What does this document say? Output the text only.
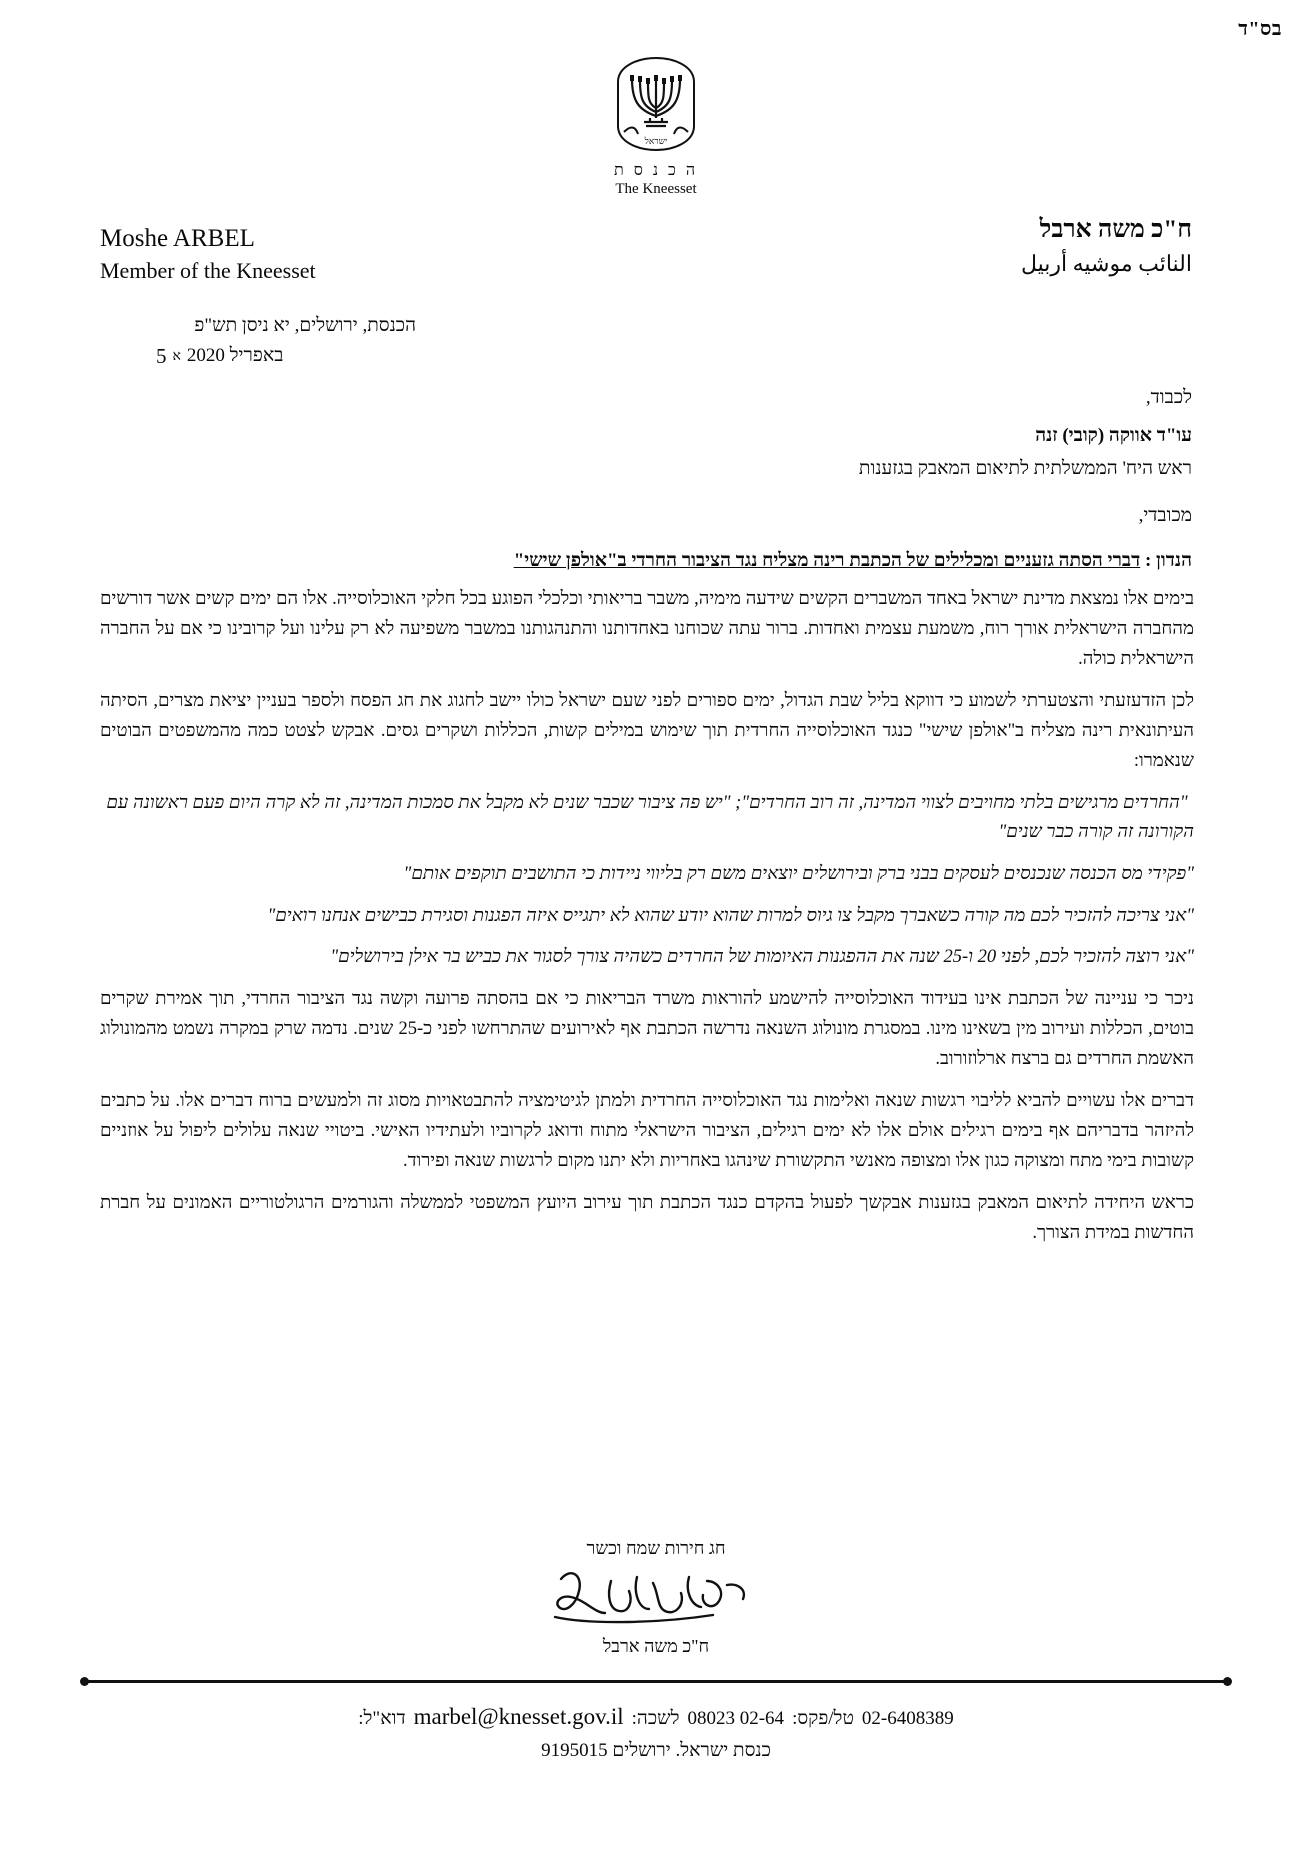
בס"ד
ישראל
ה כ נ ס ת
The Kneesset
Moshe ARBEL
Member of the Kneesset
ח"כ משה ארבל
النائب موشيه أربيل
הכנסת, ירושלים, יא ניסן תש"פ
באפריל 2020
א
5
לכבוד,
עו"ד אווקה (קובי) זנה
ראש היח' הממשלתית לתיאום המאבק בגזענות
מכובדי,
הנדון : דברי הסתה גזעניים ומכלילים של הכתבת רינה מצליח נגד הציבור החרדי ב"אולפן שישי"

בימים אלו נמצאת מדינת ישראל באחד המשברים הקשים שידעה מימיה, משבר בריאותי וכלכלי הפוגע בכל חלקי האוכלוסייה. אלו הם ימים קשים אשר דורשים מהחברה הישראלית אורך רוח, משמעת עצמית ואחדות. ברור עתה שכוחנו באחדותנו והתנהגותנו במשבר משפיעה לא רק עלינו ועל קרובינו כי אם על החברה הישראלית כולה.

לכן הזדעזעתי והצטערתי לשמוע כי דווקא בליל שבת הגדול, ימים ספורים לפני שעם ישראל כולו יישב לחגוג את חג הפסח ולספר בעניין יציאת מצרים, הסיתה העיתונאית רינה מצליח ב"אולפן שישי" כנגד האוכלוסייה החרדית תוך שימוש במילים קשות, הכללות ושקרים גסים. אבקש לצטט כמה מהמשפטים הבוטים שנאמרו:

"החרדים מרגישים בלתי מחויבים לצווי המדינה, זה רוב החרדים"; "יש פה ציבור שכבר שנים לא מקבל את סמכות המדינה, זה לא קרה היום פעם ראשונה עם הקורונה זה קורה כבר שנים"

"פקידי מס הכנסה שנכנסים לעסקים בבני ברק ובירושלים יוצאים משם רק בליווי ניידות כי התושבים תוקפים אותם"

"אני צריכה להזכיר לכם מה קורה כשאברך מקבל צו גיוס למרות שהוא יודע שהוא לא יתגייס איזה הפגנות וסגירת כבישים אנחנו רואים"

"אני רוצה להזכיר לכם, לפני 20 ו-25 שנה את ההפגנות האיומות של החרדים כשהיה צורך לסגור את כביש בר אילן בירושלים"

ניכר כי עניינה של הכתבת אינו בעידוד האוכלוסייה להישמע להוראות משרד הבריאות כי אם בהסתה פרועה וקשה נגד הציבור החרדי, תוך אמירת שקרים בוטים, הכללות ועירוב מין בשאינו מינו. במסגרת מונולוג השנאה נדרשה הכתבת אף לאירועים שהתרחשו לפני כ-25 שנים. נדמה שרק במקרה נשמט מהמונולוג האשמת החרדים גם ברצח ארלוזורוב.

דברים אלו עשויים להביא לליבוי רגשות שנאה ואלימות נגד האוכלוסייה החרדית ולמתן לגיטימציה להתבטאויות מסוג זה ולמעשים ברוח דברים אלו. על כתבים להיזהר בדבריהם אף בימים רגילים אולם אלו לא ימים רגילים, הציבור הישראלי מתוח ודואג לקרוביו ולעתידיו האישי. ביטויי שנאה עלולים ליפול על אוזניים קשובות בימי מתח ומצוקה כגון אלו ומצופה מאנשי התקשורת שינהגו באחריות ולא יתנו מקום לרגשות שנאה ופירוד.

כראש היחידה לתיאום המאבק בגזענות אבקשך לפעול בהקדם כנגד הכתבת תוך עירוב היועץ המשפטי לממשלה והגורמים הרגולטוריים האמונים על חברת החדשות במידת הצורך.

חג חירות שמח וכשר
ח"כ משה ארבל
02-6408389
טל/פקס:
02-64 08023
לשכה:
marbel@knesset.gov.il
דוא"ל:
כנסת ישראל. ירושלים 9195015
